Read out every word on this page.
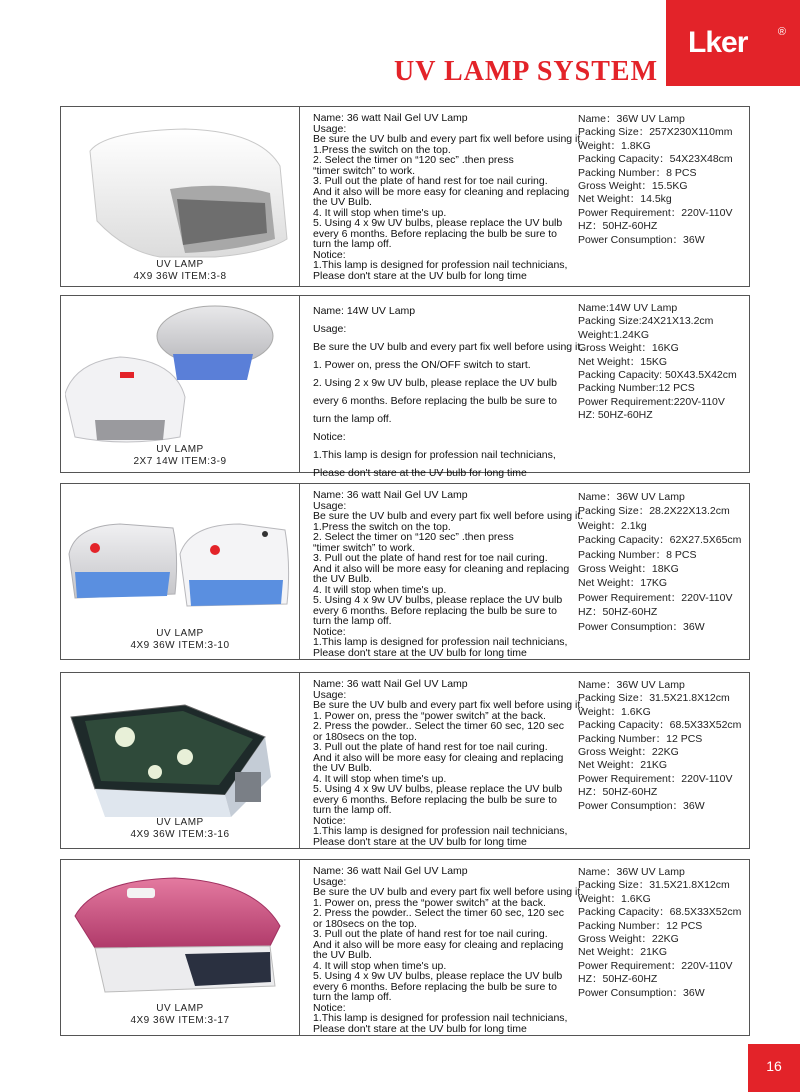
Lker	®
UV LAMP SYSTEM
UV LAMP
4X9 36W ITEM:3-8
Name: 36 watt Nail Gel UV Lamp
Usage:
Be sure the UV bulb and every part fix well before using it.
1.Press the switch on the top.
2. Select the timer on “120 sec” .then press
“timer switch” to work.
3. Pull out the plate of hand rest for toe nail curing.
And it also will be more easy for cleaning and replacing
the UV Bulb.
4. It will stop when time's up.
5. Using 4 x 9w UV bulbs, please replace the UV bulb
every 6 months. Before replacing the bulb be sure to
turn the lamp off.
Notice:
1.This lamp is designed for profession nail technicians,
Please don't stare at the UV bulb for long time
Name：36W UV Lamp
Packing Size：257X230X110mm
Weight：1.8KG
Packing Capacity：54X23X48cm
Packing Number：8 PCS
Gross Weight：15.5KG
Net Weight：14.5kg
Power Requirement：220V-110V
HZ：50HZ-60HZ
Power Consumption：36W
UV LAMP
2X7 14W ITEM:3-9
Name: 14W UV Lamp
Usage:
Be sure the UV bulb and every part fix well before using it.
1. Power on, press the ON/OFF switch to start.
2. Using 2 x 9w UV bulb, please replace the UV bulb
every 6 months. Before replacing the bulb be sure to
turn the lamp off.
Notice:
1.This lamp is design for profession nail technicians,
Please don't stare at the UV bulb for long time
Name:14W UV Lamp
Packing Size:24X21X13.2cm
Weight:1.24KG
Gross Weight：16KG
Net Weight：15KG
Packing Capacity: 50X43.5X42cm
Packing Number:12 PCS
Power Requirement:220V-110V
HZ: 50HZ-60HZ
UV LAMP
4X9 36W ITEM:3-10
Name: 36 watt Nail Gel UV Lamp
Usage:
Be sure the UV bulb and every part fix well before using it.
1.Press the switch on the top.
2. Select the timer on “120 sec” .then press
“timer switch” to work.
3. Pull out the plate of hand rest for toe nail curing.
And it also will be more easy for cleaning and replacing
the UV Bulb.
4. It will stop when time's up.
5. Using 4 x 9w UV bulbs, please replace the UV bulb
every 6 months. Before replacing the bulb be sure to
turn the lamp off.
Notice:
1.This lamp is designed for profession nail technicians,
Please don't stare at the UV bulb for long time
Name：36W UV Lamp
Packing Size：28.2X22X13.2cm
Weight：2.1kg
Packing Capacity：62X27.5X65cm
Packing Number：8 PCS
Gross Weight：18KG
Net Weight：17KG
Power Requirement：220V-110V
HZ：50HZ-60HZ
Power Consumption：36W
UV LAMP
4X9 36W ITEM:3-16
Name: 36 watt Nail Gel UV Lamp
Usage:
Be sure the UV bulb and every part fix well before using it.
1. Power on, press the “power switch” at the back.
2. Press the powder.. Select the timer 60 sec, 120 sec
or 180secs on the top.
3. Pull out the plate of hand rest for toe nail curing.
And it also will be more easy for cleaing and replacing
the UV Bulb.
4. It will stop when time's up.
5. Using 4 x 9w UV bulbs, please replace the UV bulb
every 6 months. Before replacing the bulb be sure to
turn the lamp off.
Notice:
1.This lamp is designed for profession nail technicians,
Please don't stare at the UV bulb for long time
Name：36W UV Lamp
Packing Size：31.5X21.8X12cm
Weight：1.6KG
Packing Capacity：68.5X33X52cm
Packing Number：12 PCS
Gross Weight：22KG
Net Weight：21KG
Power Requirement：220V-110V
HZ：50HZ-60HZ
Power Consumption：36W
UV LAMP
4X9 36W ITEM:3-17
Name: 36 watt Nail Gel UV Lamp
Usage:
Be sure the UV bulb and every part fix well before using it.
1. Power on, press the “power switch” at the back.
2. Press the powder.. Select the timer 60 sec, 120 sec
or 180secs on the top.
3. Pull out the plate of hand rest for toe nail curing.
And it also will be more easy for cleaing and replacing
the UV Bulb.
4. It will stop when time's up.
5. Using 4 x 9w UV bulbs, please replace the UV bulb
every 6 months. Before replacing the bulb be sure to
turn the lamp off.
Notice:
1.This lamp is designed for profession nail technicians,
Please don't stare at the UV bulb for long time
Name：36W UV Lamp
Packing Size：31.5X21.8X12cm
Weight：1.6KG
Packing Capacity：68.5X33X52cm
Packing Number：12 PCS
Gross Weight：22KG
Net Weight：21KG
Power Requirement：220V-110V
HZ：50HZ-60HZ
Power Consumption：36W
16
